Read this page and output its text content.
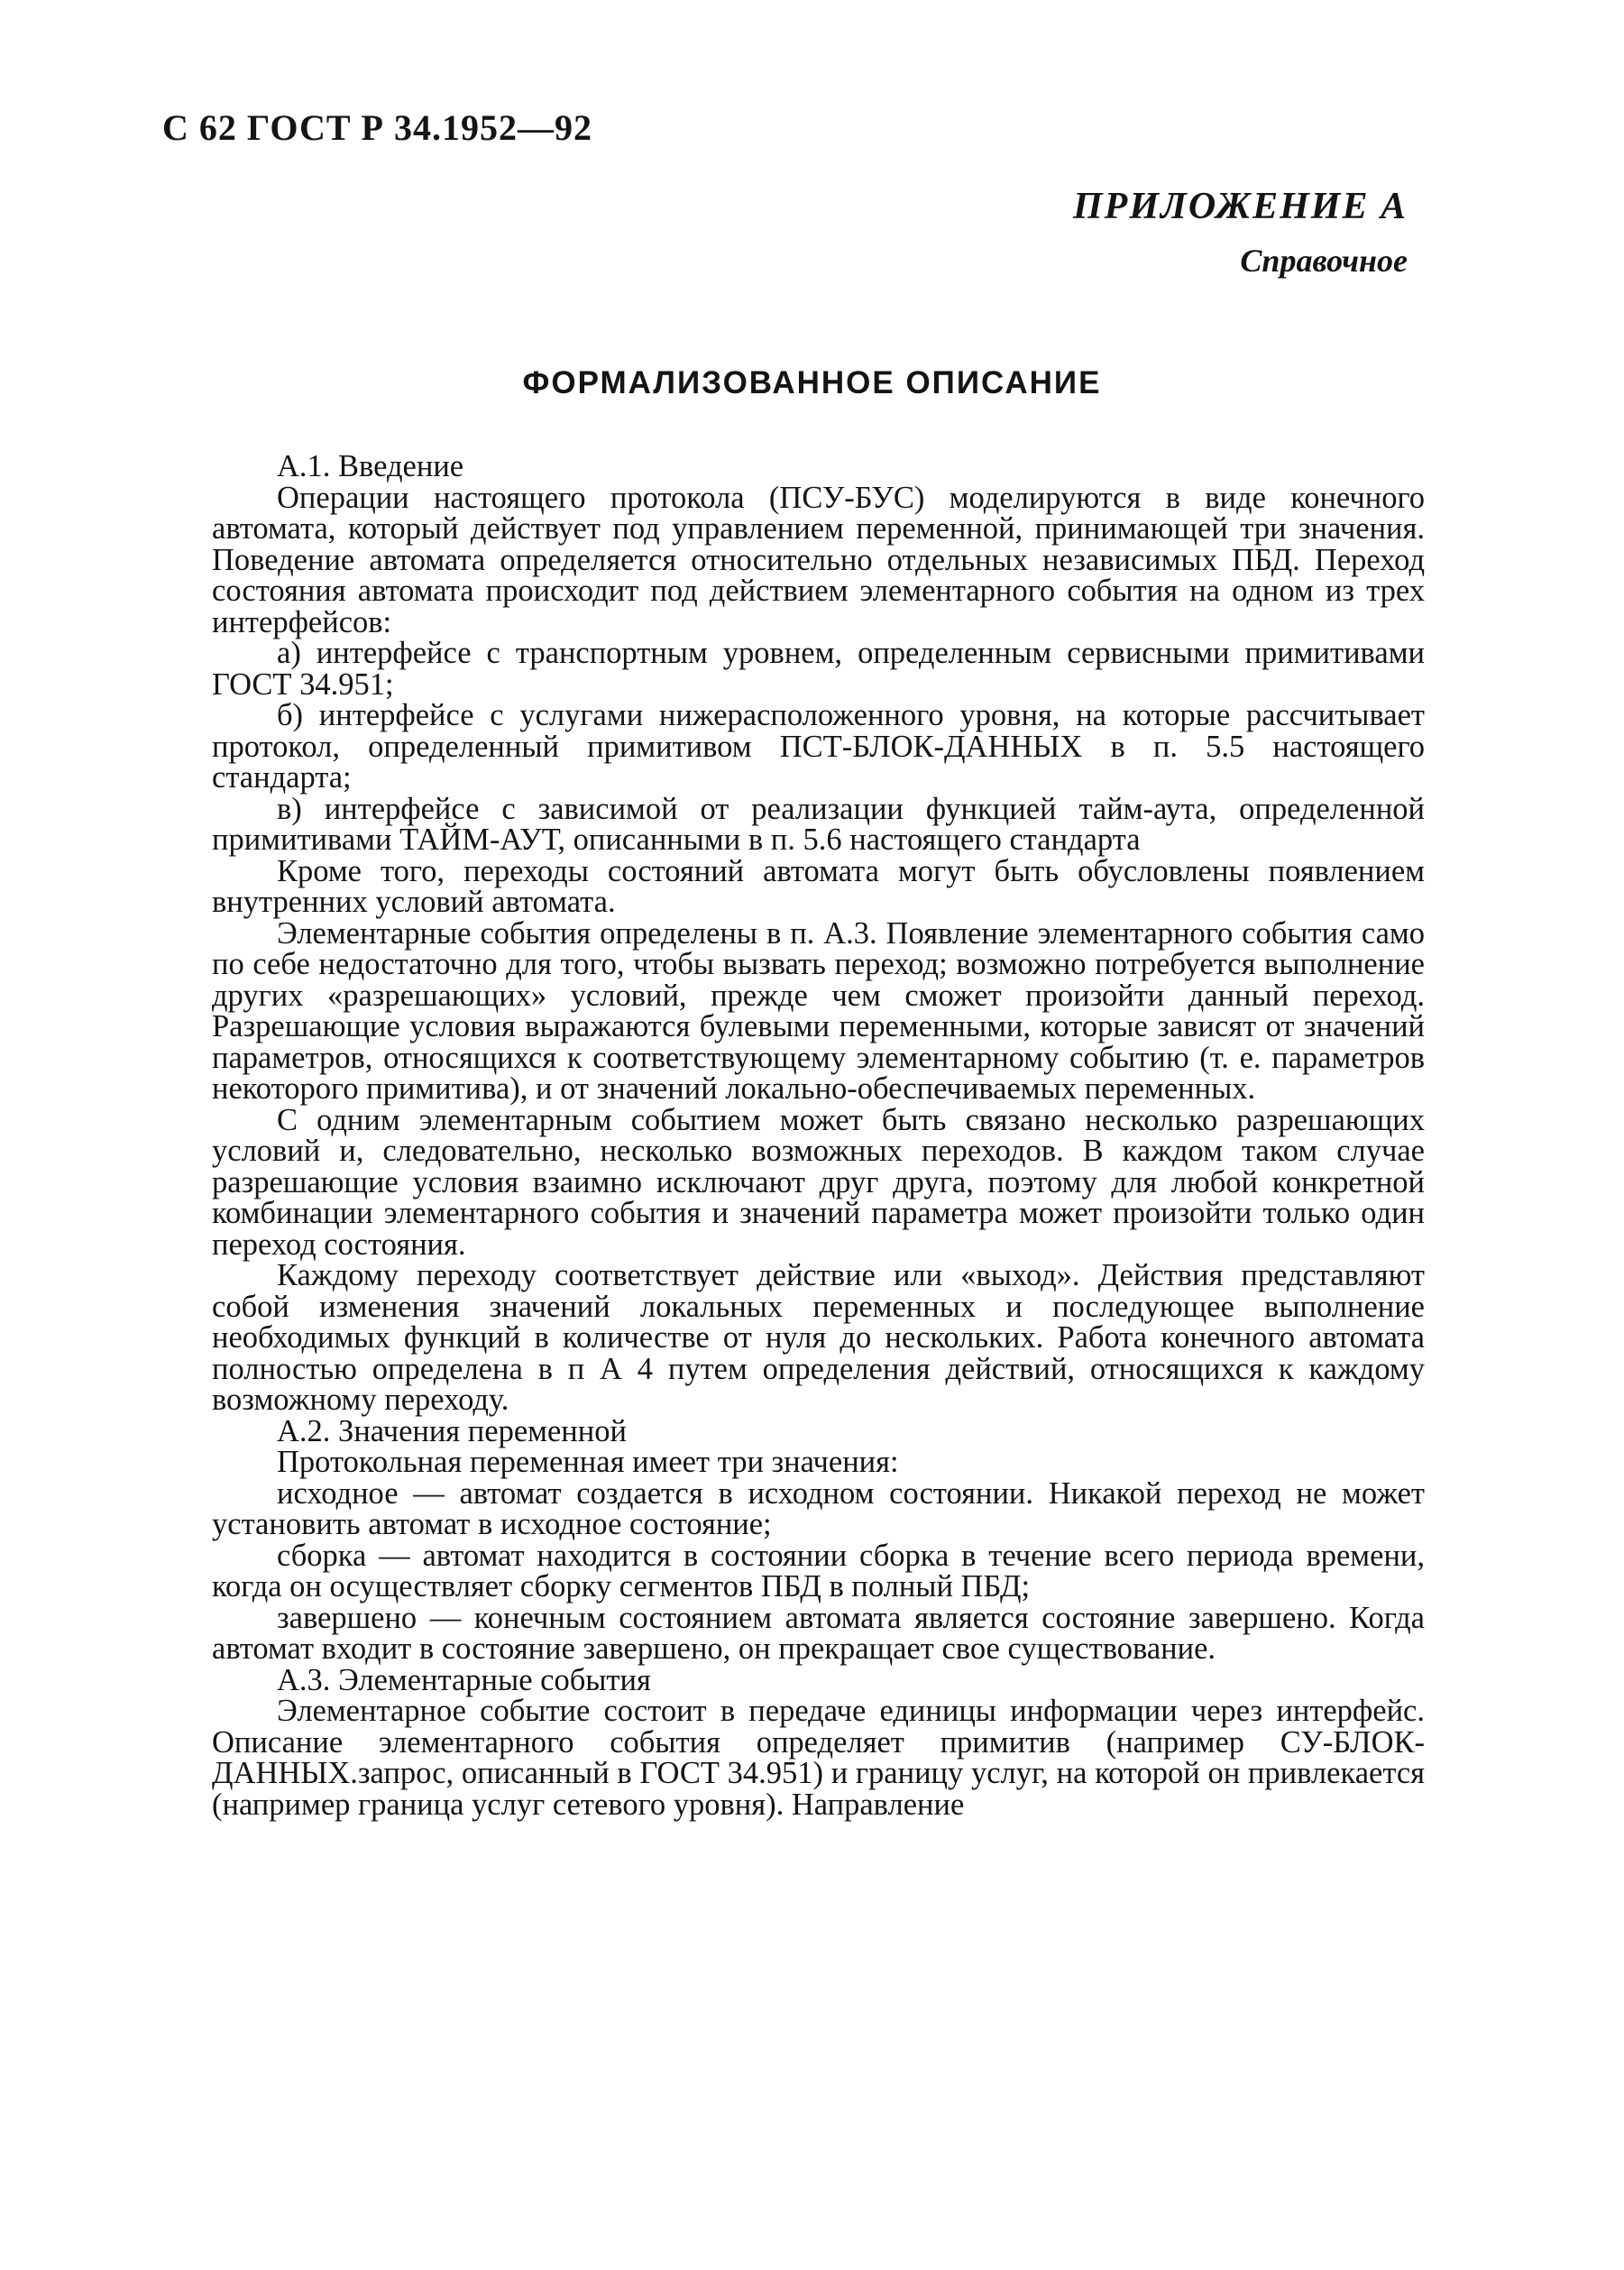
С 62 ГОСТ Р 34.1952—92
ПРИЛОЖЕНИЕ А
Справочное
ФОРМАЛИЗОВАННОЕ ОПИСАНИЕ

А.1. Введение

Операции настоящего протокола (ПСУ-БУС) моделируются в виде конечного автомата, который действует под управлением переменной, принимающей три значения. Поведение автомата определяется относительно отдельных независимых ПБД. Переход состояния автомата происходит под действием элементарного события на одном из трех интерфейсов:

а) интерфейсе с транспортным уровнем, определенным сервисными примитивами ГОСТ 34.951;

б) интерфейсе с услугами нижерасположенного уровня, на которые рассчитывает протокол, определенный примитивом ПСТ-БЛОК-ДАННЫХ в п. 5.5 настоящего стандарта;

в) интерфейсе с зависимой от реализации функцией тайм-аута, определенной примитивами ТАЙМ-АУТ, описанными в п. 5.6 настоящего стандарта

Кроме того, переходы состояний автомата могут быть обусловлены появлением внутренних условий автомата.

Элементарные события определены в п. А.3. Появление элементарного события само по себе недостаточно для того, чтобы вызвать переход; возможно потребуется выполнение других «разрешающих» условий, прежде чем сможет произойти данный переход. Разрешающие условия выражаются булевыми переменными, которые зависят от значений параметров, относящихся к соответствующему элементарному событию (т. е. параметров некоторого примитива), и от значений локально-обеспечиваемых переменных.

С одним элементарным событием может быть связано несколько разрешающих условий и, следовательно, несколько возможных переходов. В каждом таком случае разрешающие условия взаимно исключают друг друга, поэтому для любой конкретной комбинации элементарного события и значений параметра может произойти только один переход состояния.

Каждому переходу соответствует действие или «выход». Действия представляют собой изменения значений локальных переменных и последующее выполнение необходимых функций в количестве от нуля до нескольких. Работа конечного автомата полностью определена в п А 4 путем определения действий, относящихся к каждому возможному переходу.

А.2. Значения переменной

Протокольная переменная имеет три значения:

исходное — автомат создается в исходном состоянии. Никакой переход не может установить автомат в исходное состояние;

сборка — автомат находится в состоянии сборка в течение всего периода времени, когда он осуществляет сборку сегментов ПБД в полный ПБД;

завершено — конечным состоянием автомата является состояние завершено. Когда автомат входит в состояние завершено, он прекращает свое существование.

А.3. Элементарные события

Элементарное событие состоит в передаче единицы информации через интерфейс. Описание элементарного события определяет примитив (например СУ-БЛОК-ДАННЫХ.запрос, описанный в ГОСТ 34.951) и границу услуг, на которой он привлекается (например граница услуг сетевого уровня). Направление
